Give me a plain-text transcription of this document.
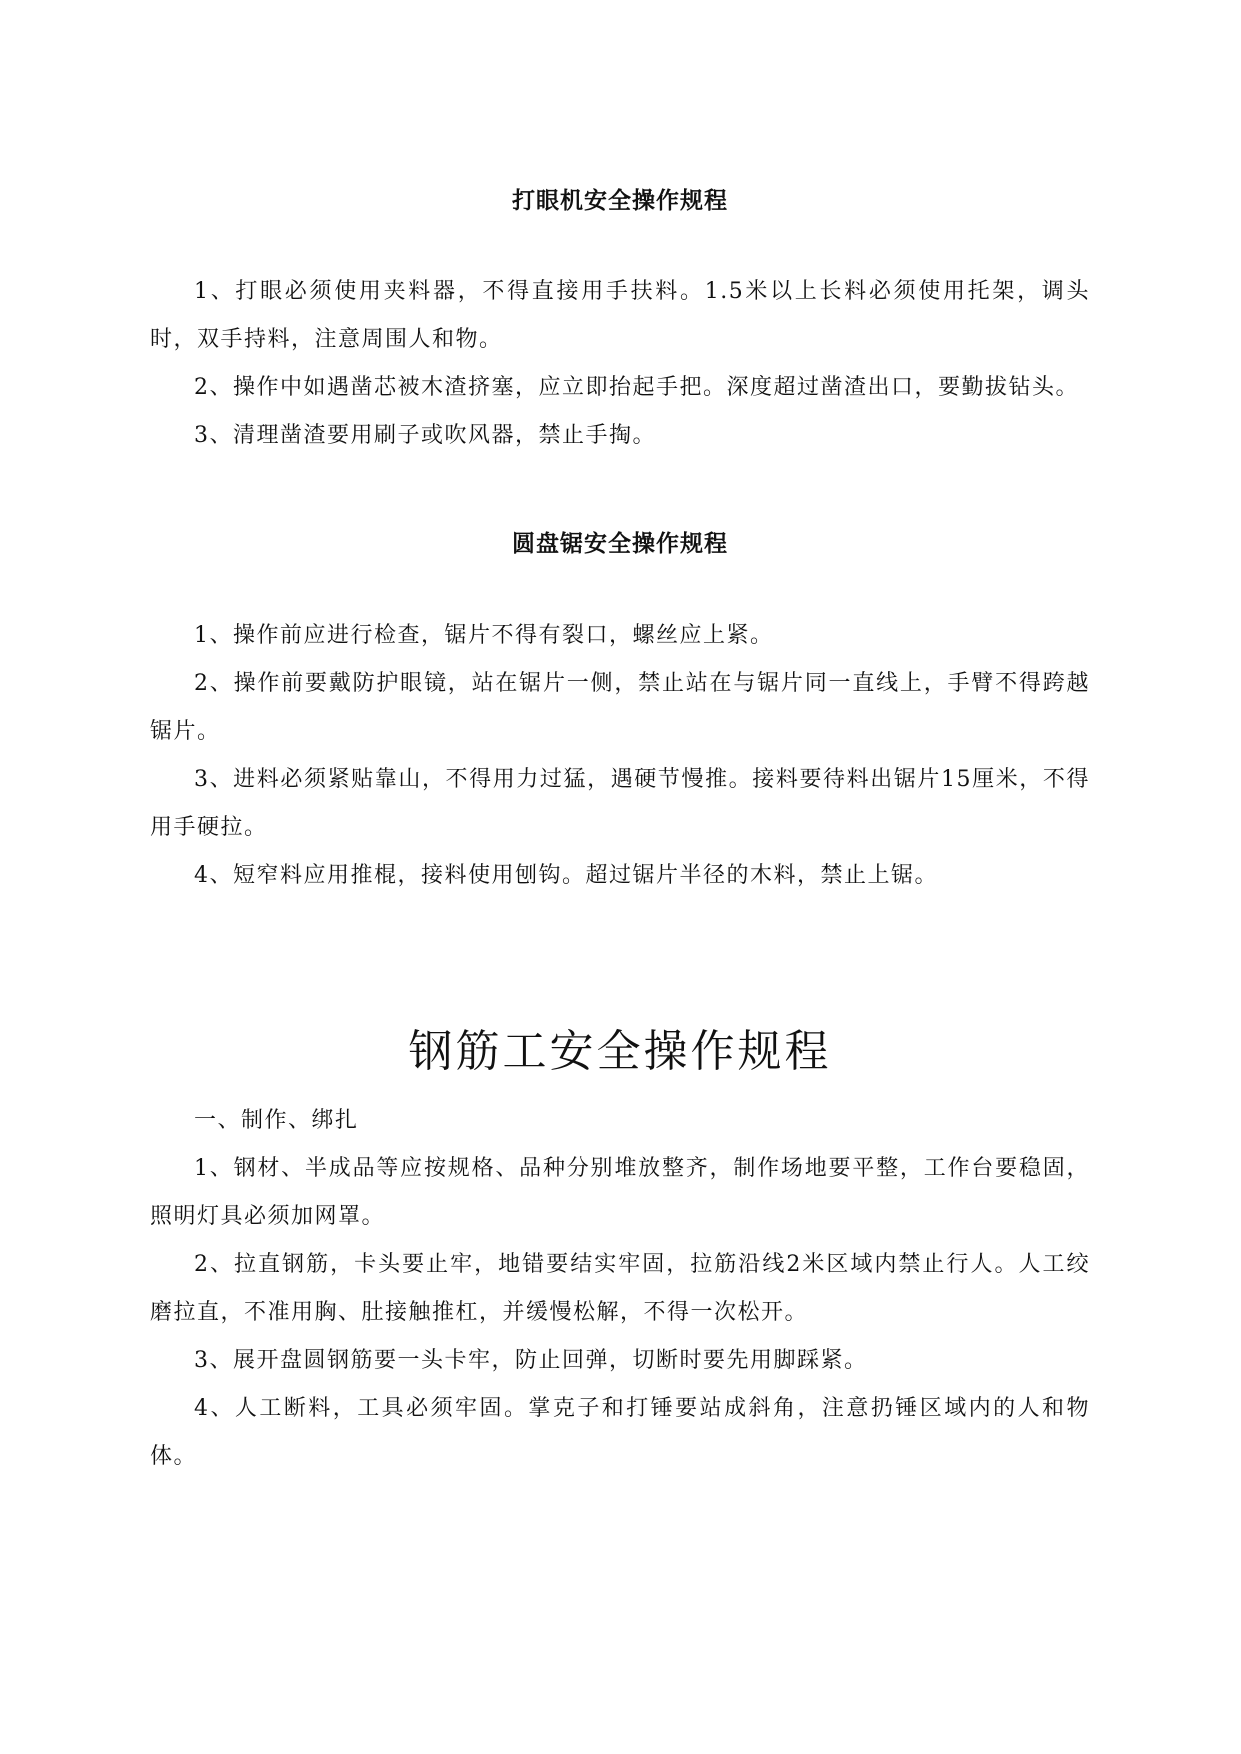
打眼机安全操作规程

1、打眼必须使用夹料器，不得直接用手扶料。1.5米以上长料必须使用托架，调头时，双手持料，注意周围人和物。

2、操作中如遇凿芯被木渣挤塞，应立即抬起手把。深度超过凿渣出口，要勤拔钻头。

3、清理凿渣要用刷子或吹风器，禁止手掏。

圆盘锯安全操作规程

1、操作前应进行检查，锯片不得有裂口，螺丝应上紧。

2、操作前要戴防护眼镜，站在锯片一侧，禁止站在与锯片同一直线上，手臂不得跨越锯片。

3、进料必须紧贴靠山，不得用力过猛，遇硬节慢推。接料要待料出锯片15厘米，不得用手硬拉。

4、短窄料应用推棍，接料使用刨钩。超过锯片半径的木料，禁止上锯。

钢筋工安全操作规程

一、制作、绑扎

1、钢材、半成品等应按规格、品种分别堆放整齐，制作场地要平整，工作台要稳固，照明灯具必须加网罩。

2、拉直钢筋，卡头要止牢，地错要结实牢固，拉筋沿线2米区域内禁止行人。人工绞磨拉直，不准用胸、肚接触推杠，并缓慢松解，不得一次松开。

3、展开盘圆钢筋要一头卡牢，防止回弹，切断时要先用脚踩紧。

4、人工断料，工具必须牢固。掌克子和打锤要站成斜角，注意扔锤区域内的人和物体。
